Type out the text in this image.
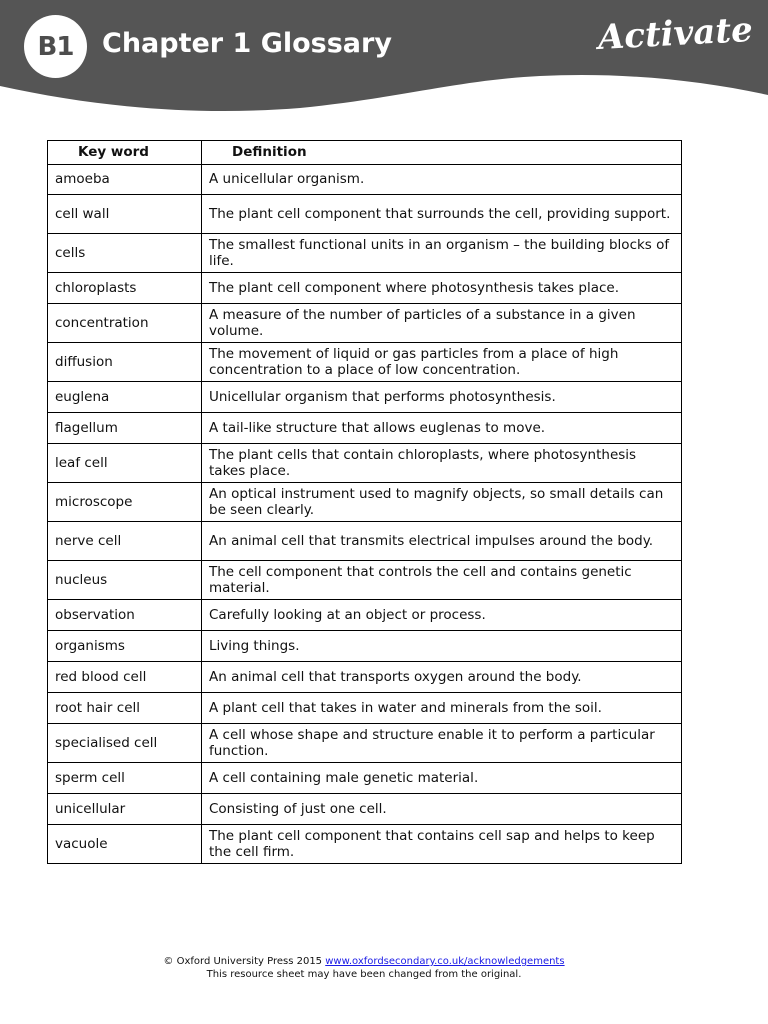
B1 Chapter 1 Glossary	Activate
Key word	Definition
amoeba	A unicellular organism.
cell wall	The plant cell component that surrounds the cell, providing support.
cells	The smallest functional units in an organism – the building blocks of life.
chloroplasts	The plant cell component where photosynthesis takes place.
concentration	A measure of the number of particles of a substance in a given volume.
diffusion	The movement of liquid or gas particles from a place of high concentration to a place of low concentration.
euglena	Unicellular organism that performs photosynthesis.
flagellum	A tail-like structure that allows euglenas to move.
leaf cell	The plant cells that contain chloroplasts, where photosynthesis takes place.
microscope	An optical instrument used to magnify objects, so small details can be seen clearly.
nerve cell	An animal cell that transmits electrical impulses around the body.
nucleus	The cell component that controls the cell and contains genetic material.
observation	Carefully looking at an object or process.
organisms	Living things.
red blood cell	An animal cell that transports oxygen around the body.
root hair cell	A plant cell that takes in water and minerals from the soil.
specialised cell	A cell whose shape and structure enable it to perform a particular function.
sperm cell	A cell containing male genetic material.
unicellular	Consisting of just one cell.
vacuole	The plant cell component that contains cell sap and helps to keep the cell firm.
© Oxford University Press 2015 www.oxfordsecondary.co.uk/acknowledgements
This resource sheet may have been changed from the original.
